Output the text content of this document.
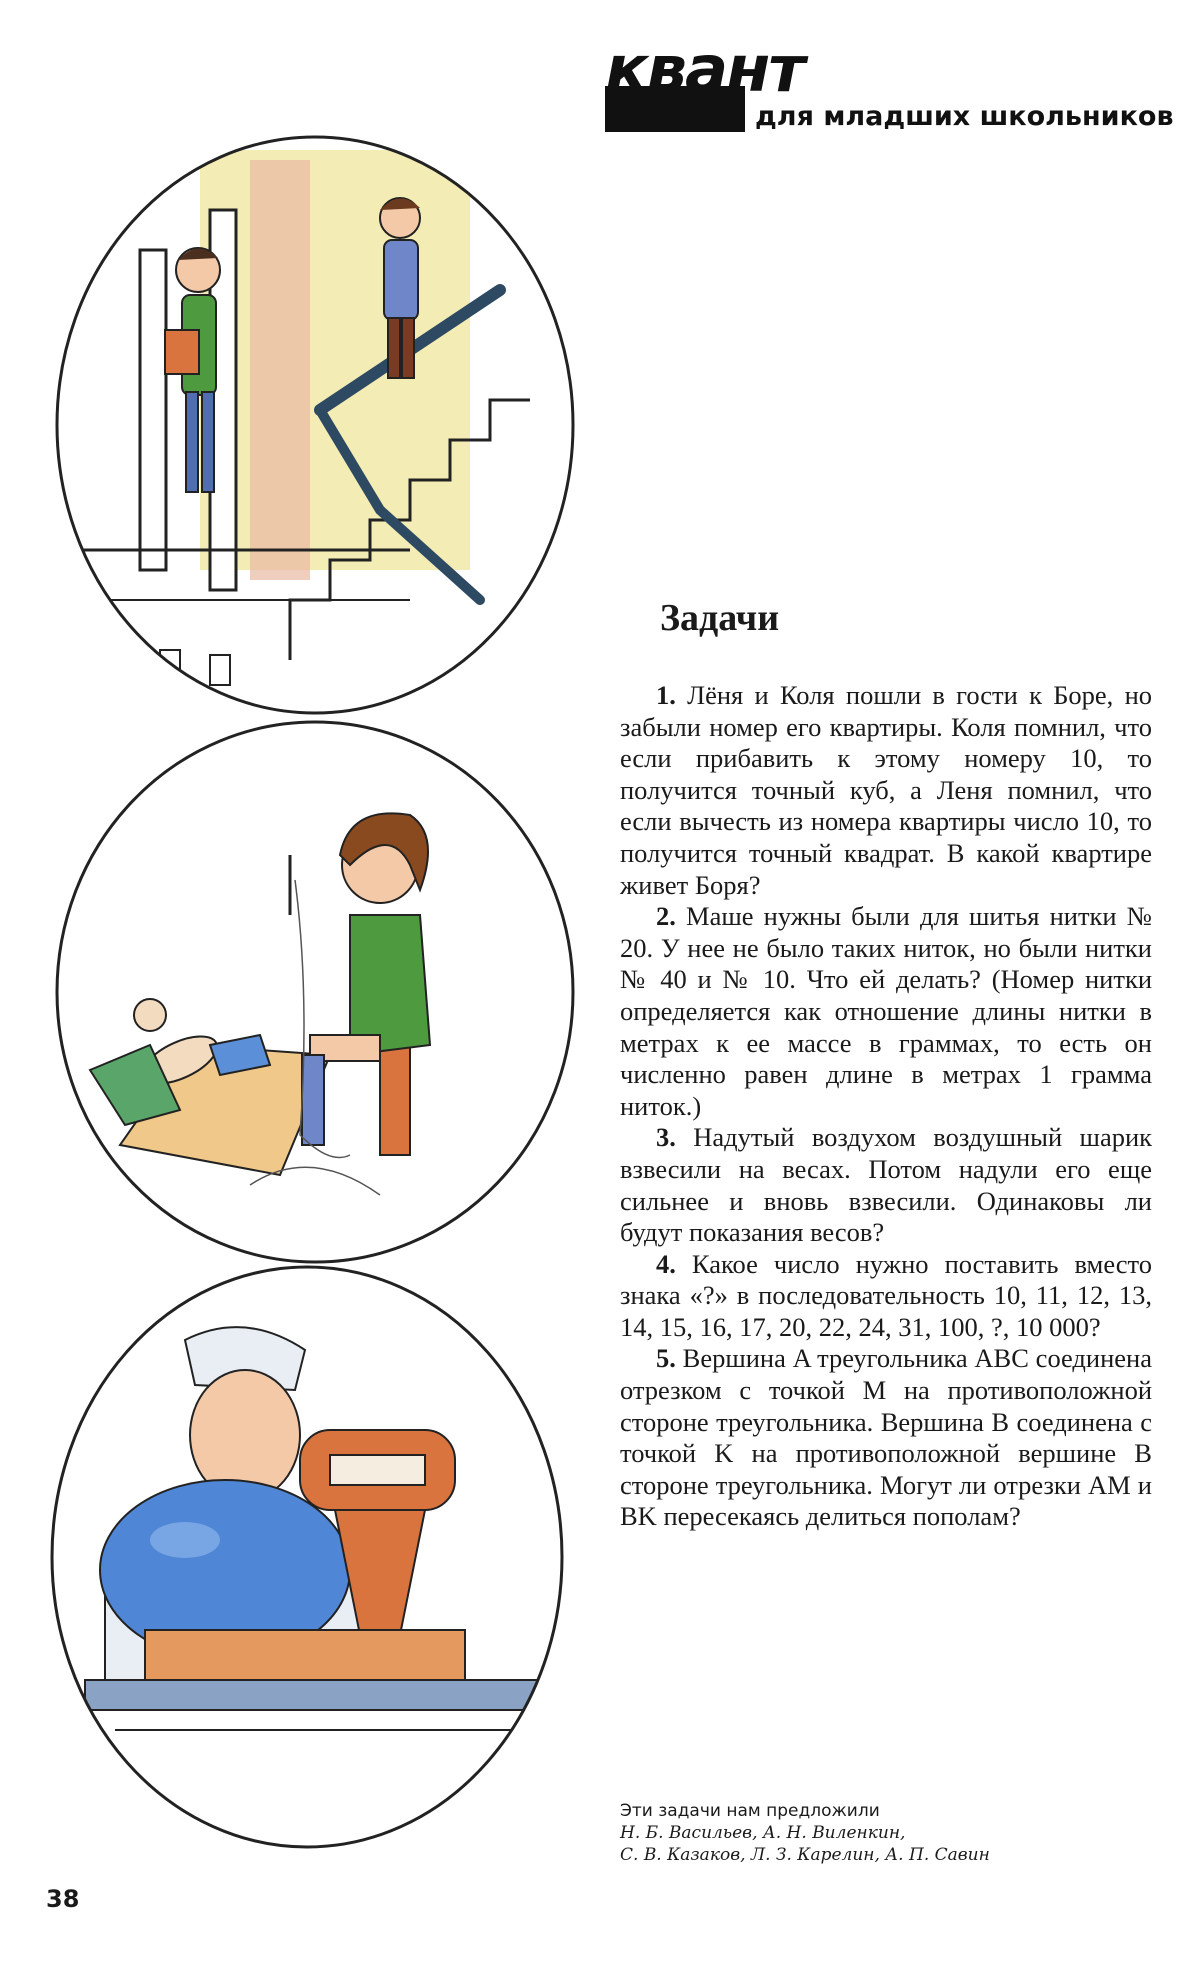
квант
для младших школьников
Задачи

1. Лёня и Коля пошли в гости к Боре, но забыли номер его квартиры. Коля помнил, что если прибавить к этому номеру 10, то получится точный куб, а Леня помнил, что если вычесть из номера квартиры число 10, то получится точный квадрат. В какой квартире живет Боря?

2. Маше нужны были для шитья нитки № 20. У нее не было таких ниток, но были нитки № 40 и № 10. Что ей делать? (Номер нитки определяется как отношение длины нитки в метрах к ее массе в граммах, то есть он численно равен длине в метрах 1 грамма ниток.)

3. Надутый воздухом воздушный шарик взвесили на весах. Потом надули его еще сильнее и вновь взвесили. Одинаковы ли будут показания весов?

4. Какое число нужно поставить вместо знака «?» в последовательность 10, 11, 12, 13, 14, 15, 16, 17, 20, 22, 24, 31, 100, ?, 10 000?

5. Вершина A треугольника ABC соединена отрезком с точкой M на противоположной стороне треугольника. Вершина B соединена с точкой K на противоположной вершине B стороне треугольника. Могут ли отрезки AM и BK пересекаясь делиться пополам?

Эти задачи нам предложили
Н. Б. Васильев, А. Н. Виленкин,
С. В. Казаков, Л. З. Карелин, А. П. Савин
38
